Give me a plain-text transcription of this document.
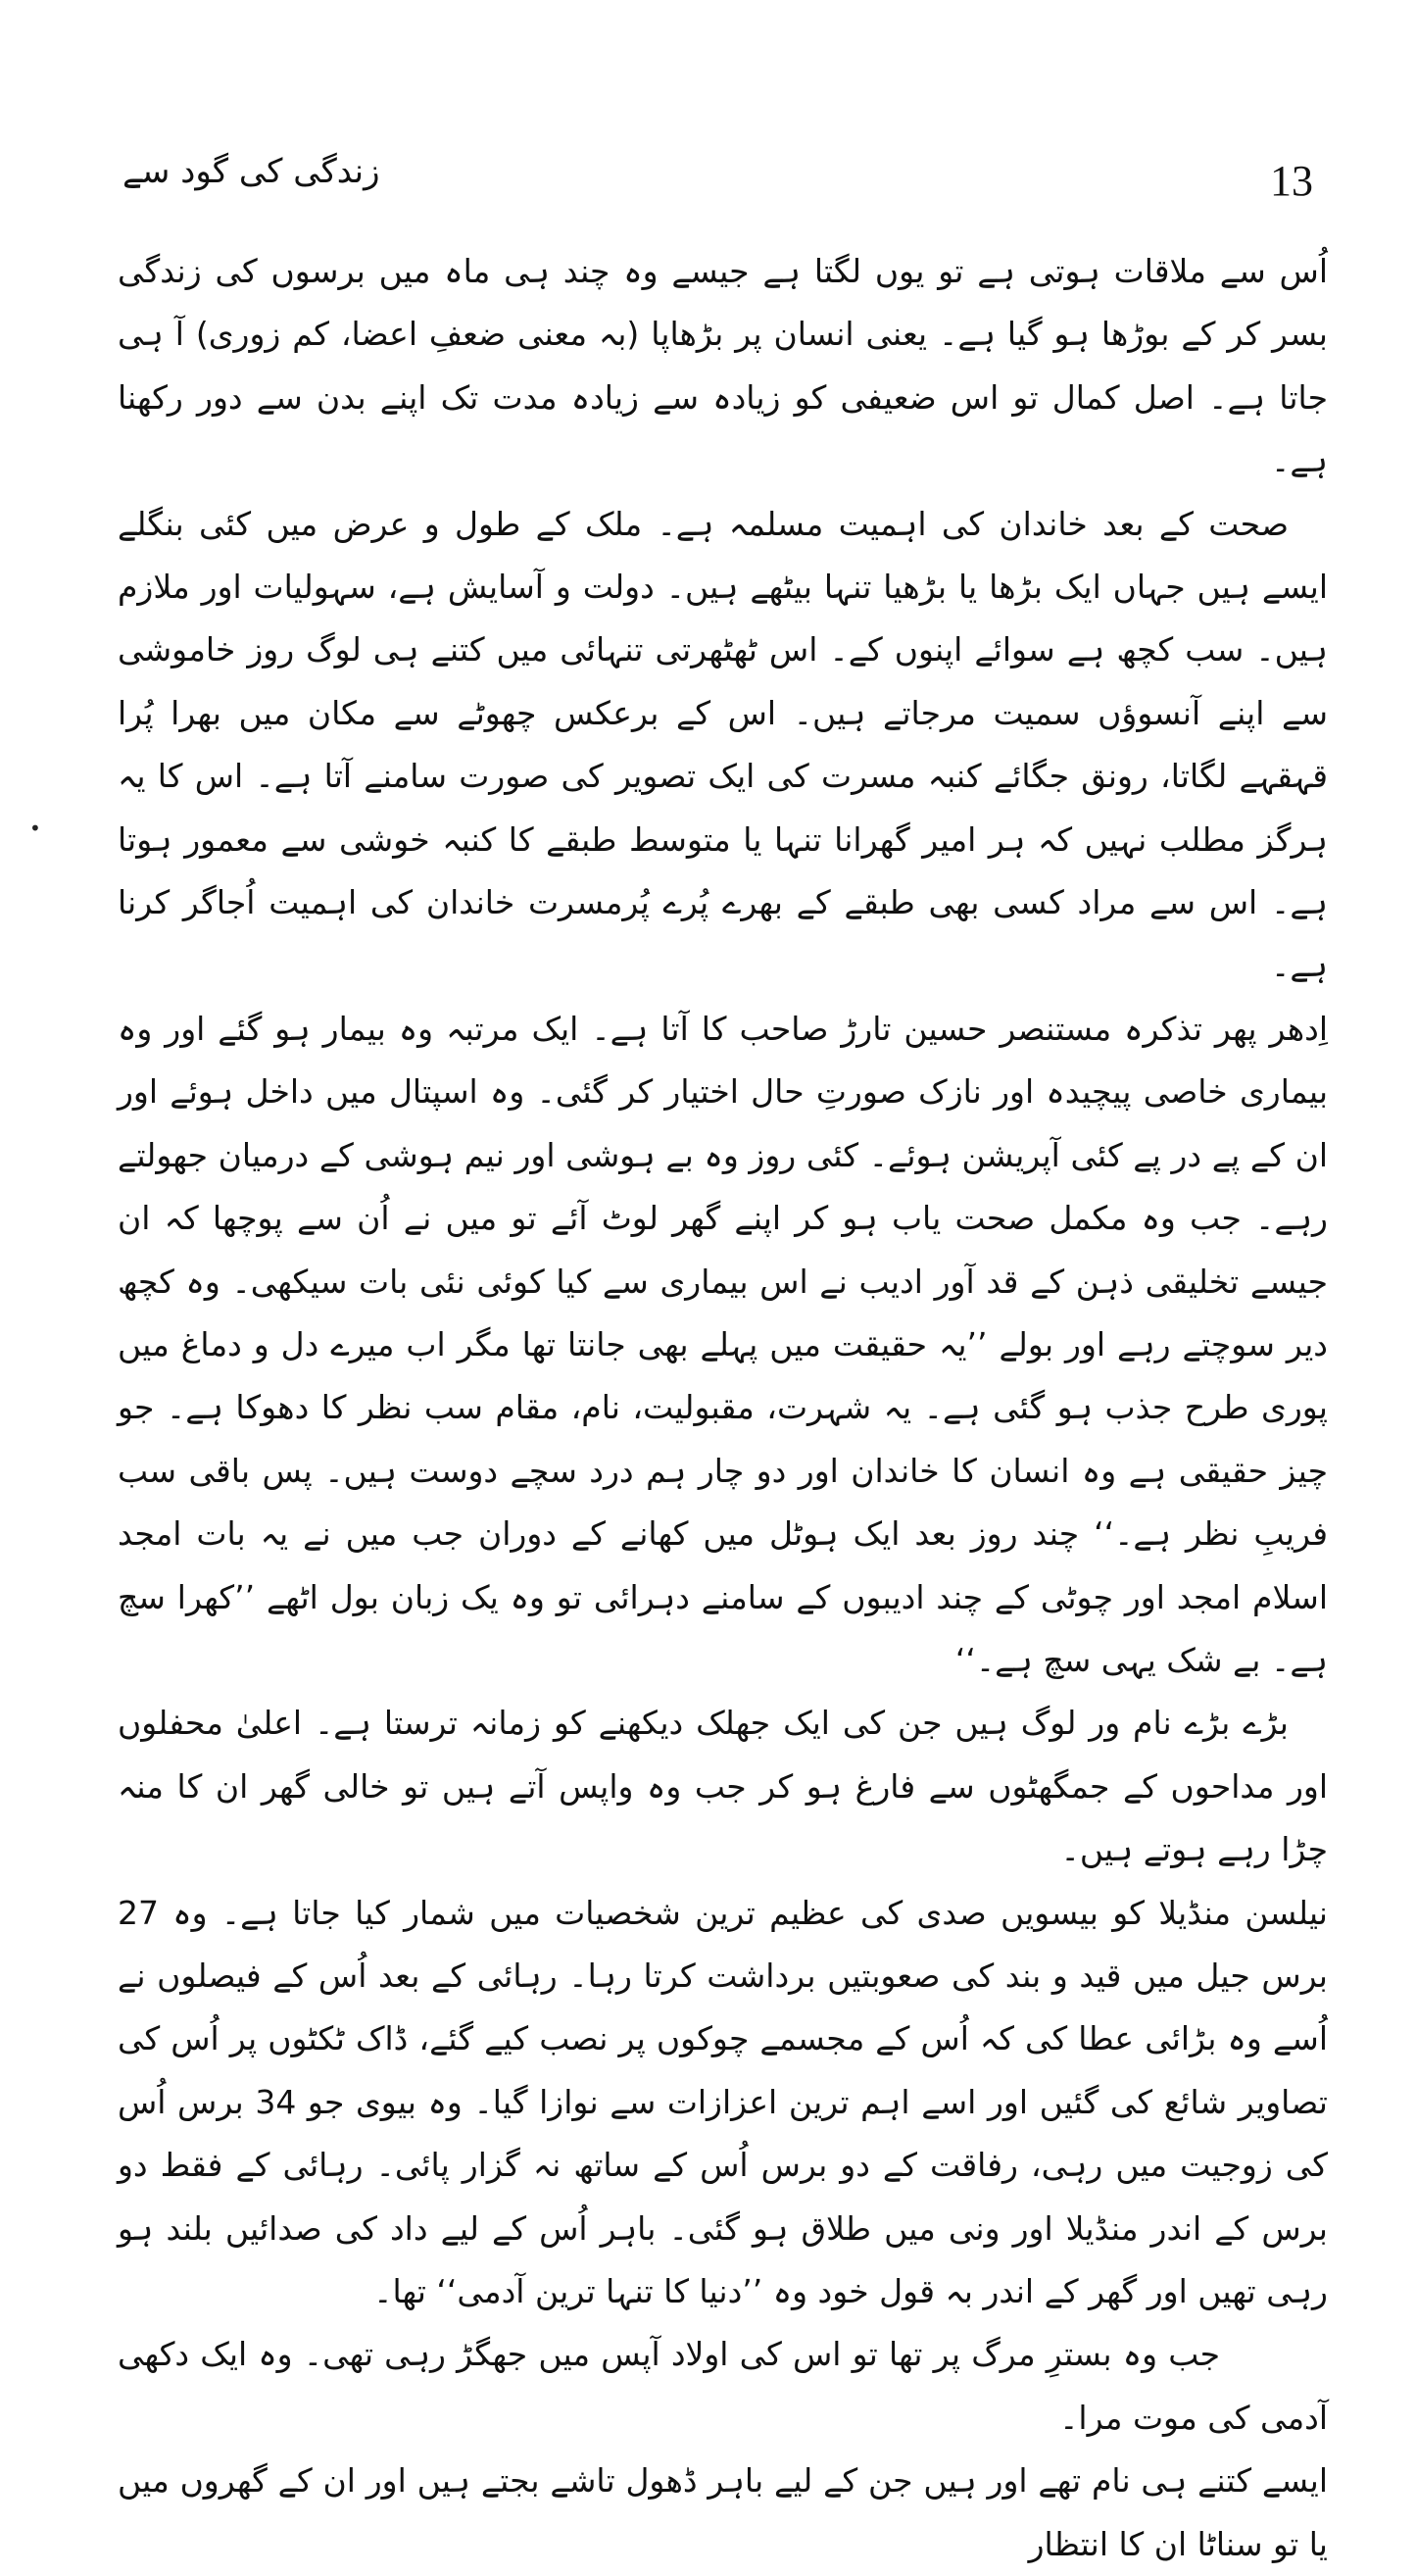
زندگی کی گود سے	13
•

اُس سے ملاقات ہوتی ہے تو یوں لگتا ہے جیسے وہ چند ہی ماہ میں برسوں کی زندگی بسر کر کے بوڑھا ہو گیا ہے۔ یعنی انسان پر بڑھاپا (بہ معنی ضعفِ اعضا، کم زوری) آ ہی جاتا ہے۔ اصل کمال تو اس ضعیفی کو زیادہ سے زیادہ مدت تک اپنے بدن سے دور رکھنا ہے۔

صحت کے بعد خاندان کی اہمیت مسلمہ ہے۔ ملک کے طول و عرض میں کئی بنگلے ایسے ہیں جہاں ایک بڑھا یا بڑھیا تنہا بیٹھے ہیں۔ دولت و آسایش ہے، سہولیات اور ملازم ہیں۔ سب کچھ ہے سوائے اپنوں کے۔ اس ٹھٹھرتی تنہائی میں کتنے ہی لوگ روز خاموشی سے اپنے آنسوؤں سمیت مرجاتے ہیں۔ اس کے برعکس چھوٹے سے مکان میں بھرا پُرا قہقہے لگاتا، رونق جگائے کنبہ مسرت کی ایک تصویر کی صورت سامنے آتا ہے۔ اس کا یہ ہرگز مطلب نہیں کہ ہر امیر گھرانا تنہا یا متوسط طبقے کا کنبہ خوشی سے معمور ہوتا ہے۔ اس سے مراد کسی بھی طبقے کے بھرے پُرے پُرمسرت خاندان کی اہمیت اُجاگر کرنا ہے۔

اِدھر پھر تذکرہ مستنصر حسین تارڑ صاحب کا آتا ہے۔ ایک مرتبہ وہ بیمار ہو گئے اور وہ بیماری خاصی پیچیدہ اور نازک صورتِ حال اختیار کر گئی۔ وہ اسپتال میں داخل ہوئے اور ان کے پے در پے کئی آپریشن ہوئے۔ کئی روز وہ بے ہوشی اور نیم ہوشی کے درمیان جھولتے رہے۔ جب وہ مکمل صحت یاب ہو کر اپنے گھر لوٹ آئے تو میں نے اُن سے پوچھا کہ ان جیسے تخلیقی ذہن کے قد آور ادیب نے اس بیماری سے کیا کوئی نئی بات سیکھی۔ وہ کچھ دیر سوچتے رہے اور بولے ’’یہ حقیقت میں پہلے بھی جانتا تھا مگر اب میرے دل و دماغ میں پوری طرح جذب ہو گئی ہے۔ یہ شہرت، مقبولیت، نام، مقام سب نظر کا دھوکا ہے۔ جو چیز حقیقی ہے وہ انسان کا خاندان اور دو چار ہم درد سچے دوست ہیں۔ پس باقی سب فریبِ نظر ہے۔‘‘ چند روز بعد ایک ہوٹل میں کھانے کے دوران جب میں نے یہ بات امجد اسلام امجد اور چوٹی کے چند ادیبوں کے سامنے دہرائی تو وہ یک زبان بول اٹھے ’’کھرا سچ ہے۔ بے شک یہی سچ ہے۔‘‘

بڑے بڑے نام ور لوگ ہیں جن کی ایک جھلک دیکھنے کو زمانہ ترستا ہے۔ اعلیٰ محفلوں اور مداحوں کے جمگھٹوں سے فارغ ہو کر جب وہ واپس آتے ہیں تو خالی گھر ان کا منہ چڑا رہے ہوتے ہیں۔

نیلسن منڈیلا کو بیسویں صدی کی عظیم ترین شخصیات میں شمار کیا جاتا ہے۔ وہ 27 برس جیل میں قید و بند کی صعوبتیں برداشت کرتا رہا۔ رہائی کے بعد اُس کے فیصلوں نے اُسے وہ بڑائی عطا کی کہ اُس کے مجسمے چوکوں پر نصب کیے گئے، ڈاک ٹکٹوں پر اُس کی تصاویر شائع کی گئیں اور اسے اہم ترین اعزازات سے نوازا گیا۔ وہ بیوی جو 34 برس اُس کی زوجیت میں رہی، رفاقت کے دو برس اُس کے ساتھ نہ گزار پائی۔ رہائی کے فقط دو برس کے اندر منڈیلا اور ونی میں طلاق ہو گئی۔ باہر اُس کے لیے داد کی صدائیں بلند ہو رہی تھیں اور گھر کے اندر بہ قول خود وہ ’’دنیا کا تنہا ترین آدمی‘‘ تھا۔

جب وہ بسترِ مرگ پر تھا تو اس کی اولاد آپس میں جھگڑ رہی تھی۔ وہ ایک دکھی آدمی کی موت مرا۔

ایسے کتنے ہی نام تھے اور ہیں جن کے لیے باہر ڈھول تاشے بجتے ہیں اور ان کے گھروں میں یا تو سناٹا ان کا انتظار
